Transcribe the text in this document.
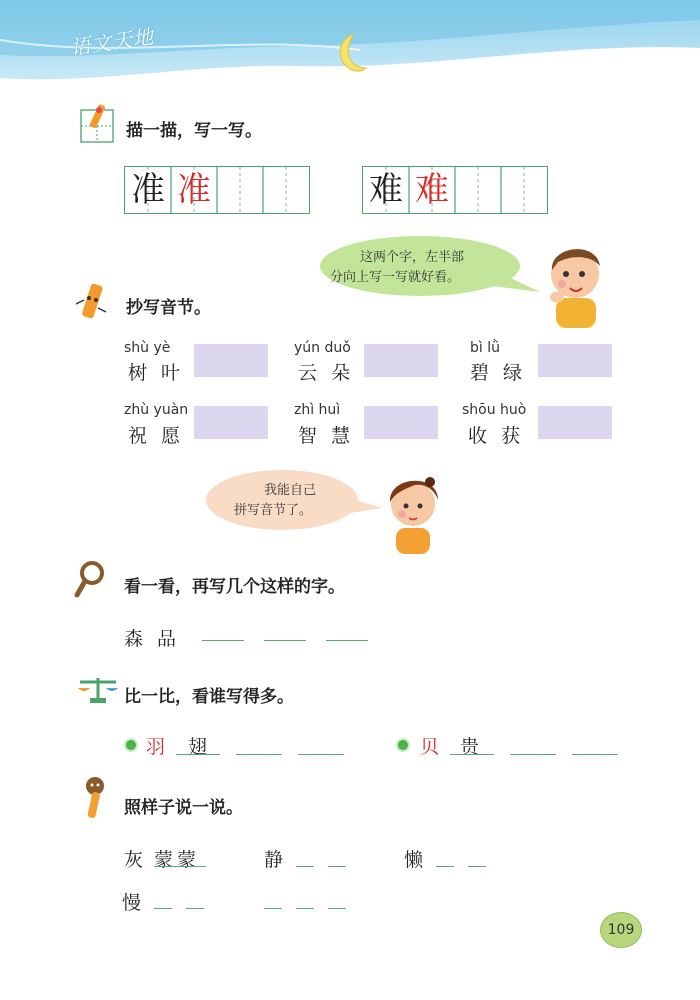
语文天地
描一描，写一写。
准 准	难 难
这两个字，左半部
分向上写一写就好看。
抄写音节。
shù yè
树 叶
yún duǒ
云 朵
bì lǜ
碧 绿
zhù yuàn
祝 愿
zhì huì
智 慧
shōu huò
收 获
我能自己
拼写音节了。
看一看，再写几个这样的字。
森 品
比一比，看谁写得多。
羽 翅	贝 贵
照样子说一说。
灰 蒙蒙	静	懒
慢
109
